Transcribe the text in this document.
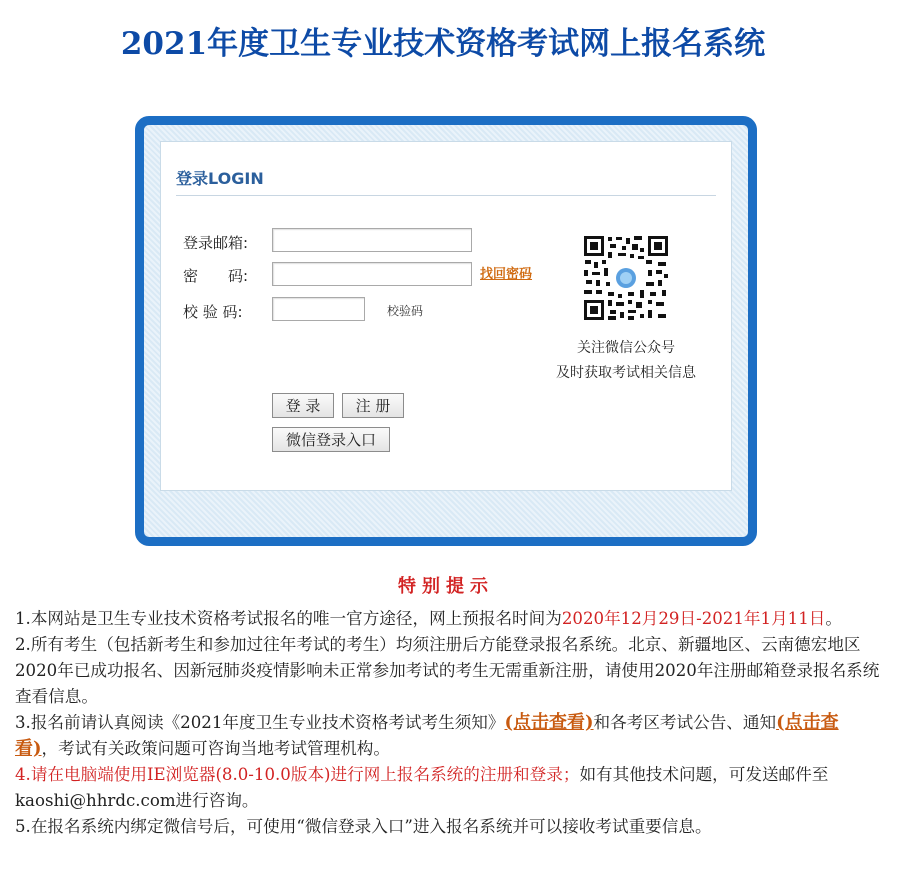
2021年度卫生专业技术资格考试网上报名系统
登录LOGIN
登录邮箱:
密　　码:	找回密码
校 验 码:	校验码
登 录	注 册
微信登录入口
关注微信公众号
及时获取考试相关信息
特别提示
1.本网站是卫生专业技术资格考试报名的唯一官方途径，网上预报名时间为2020年12月29日-2021年1月11日。
2.所有考生（包括新考生和参加过往年考试的考生）均须注册后方能登录报名系统。北京、新疆地区、云南德宏地区2020年已成功报名、因新冠肺炎疫情影响未正常参加考试的考生无需重新注册，请使用2020年注册邮箱登录报名系统查看信息。
3.报名前请认真阅读《2021年度卫生专业技术资格考试考生须知》(点击查看)和各考区考试公告、通知(点击查看)，考试有关政策问题可咨询当地考试管理机构。
4.请在电脑端使用IE浏览器(8.0-10.0版本)进行网上报名系统的注册和登录；如有其他技术问题，可发送邮件至kaoshi@hhrdc.com进行咨询。
5.在报名系统内绑定微信号后，可使用“微信登录入口”进入报名系统并可以接收考试重要信息。
